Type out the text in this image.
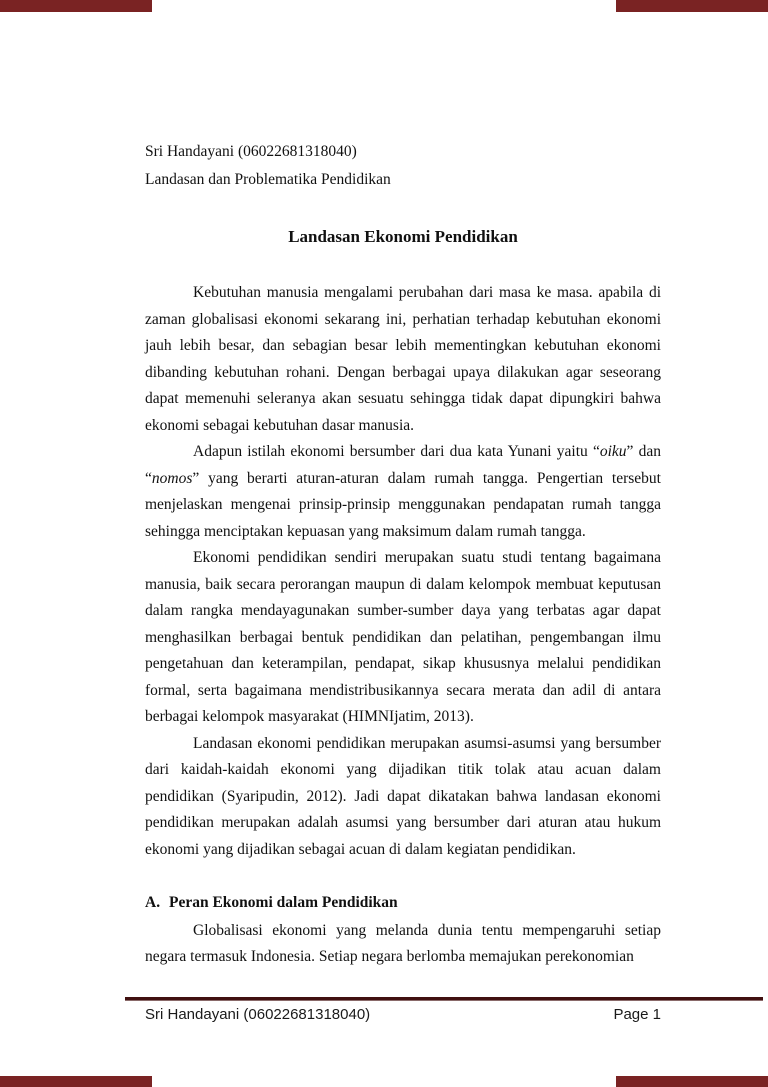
Sri Handayani (06022681318040)

Landasan dan Problematika Pendidikan

Landasan Ekonomi Pendidikan

Kebutuhan manusia mengalami perubahan dari masa ke masa. apabila di zaman globalisasi ekonomi sekarang ini, perhatian terhadap kebutuhan ekonomi jauh lebih besar, dan sebagian besar lebih mementingkan kebutuhan ekonomi dibanding kebutuhan rohani. Dengan berbagai upaya dilakukan agar seseorang dapat memenuhi seleranya akan sesuatu sehingga tidak dapat dipungkiri bahwa ekonomi sebagai kebutuhan dasar manusia.

Adapun istilah ekonomi bersumber dari dua kata Yunani yaitu “oiku” dan “nomos” yang berarti aturan-aturan dalam rumah tangga. Pengertian tersebut menjelaskan mengenai prinsip-prinsip menggunakan pendapatan rumah tangga sehingga menciptakan kepuasan yang maksimum dalam rumah tangga.

Ekonomi pendidikan sendiri merupakan suatu studi tentang bagaimana manusia, baik secara perorangan maupun di dalam kelompok membuat keputusan dalam rangka mendayagunakan sumber-sumber daya yang terbatas agar dapat menghasilkan berbagai bentuk pendidikan dan pelatihan, pengembangan ilmu pengetahuan dan keterampilan, pendapat, sikap khususnya melalui pendidikan formal, serta bagaimana mendistribusikannya secara merata dan adil di antara berbagai kelompok masyarakat (HIMNIjatim, 2013).

Landasan ekonomi pendidikan merupakan asumsi-asumsi yang bersumber dari kaidah-kaidah ekonomi yang dijadikan titik tolak atau acuan dalam pendidikan (Syaripudin, 2012). Jadi dapat dikatakan bahwa landasan ekonomi pendidikan merupakan adalah asumsi yang bersumber dari aturan atau hukum ekonomi yang dijadikan sebagai acuan di dalam kegiatan pendidikan.

A. Peran Ekonomi dalam Pendidikan

Globalisasi ekonomi yang melanda dunia tentu mempengaruhi setiap negara termasuk Indonesia. Setiap negara berlomba memajukan perekonomian

Sri Handayani (06022681318040)	Page 1
